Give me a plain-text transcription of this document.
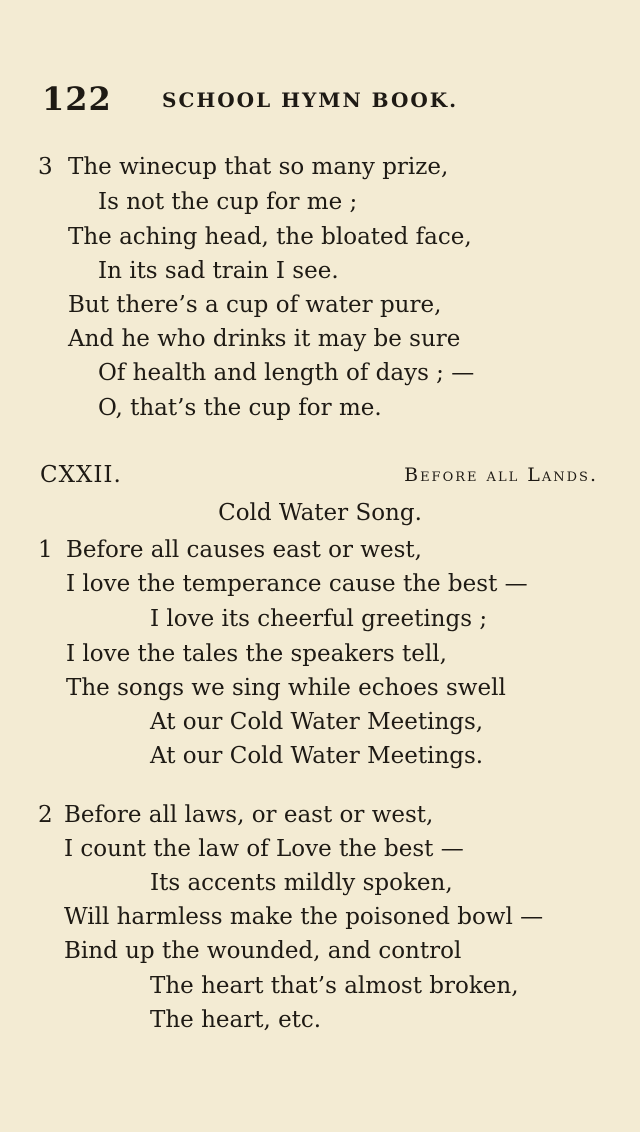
122	SCHOOL HYMN BOOK.
3 The winecup that so many prize,
Is not the cup for me ;
The aching head, the bloated face,
In its sad train I see.
But there’s a cup of water pure,
And he who drinks it may be sure
Of health and length of days ; —
O, that’s the cup for me.
CXXII.	Before all Lands.
Cold Water Song.
1 Before all causes east or west,
I love the temperance cause the best —
I love its cheerful greetings ;
I love the tales the speakers tell,
The songs we sing while echoes swell
At our Cold Water Meetings,
At our Cold Water Meetings.
2 Before all laws, or east or west,
I count the law of Love the best —
Its accents mildly spoken,
Will harmless make the poisoned bowl —
Bind up the wounded, and control
The heart that’s almost broken,
The heart, etc.
